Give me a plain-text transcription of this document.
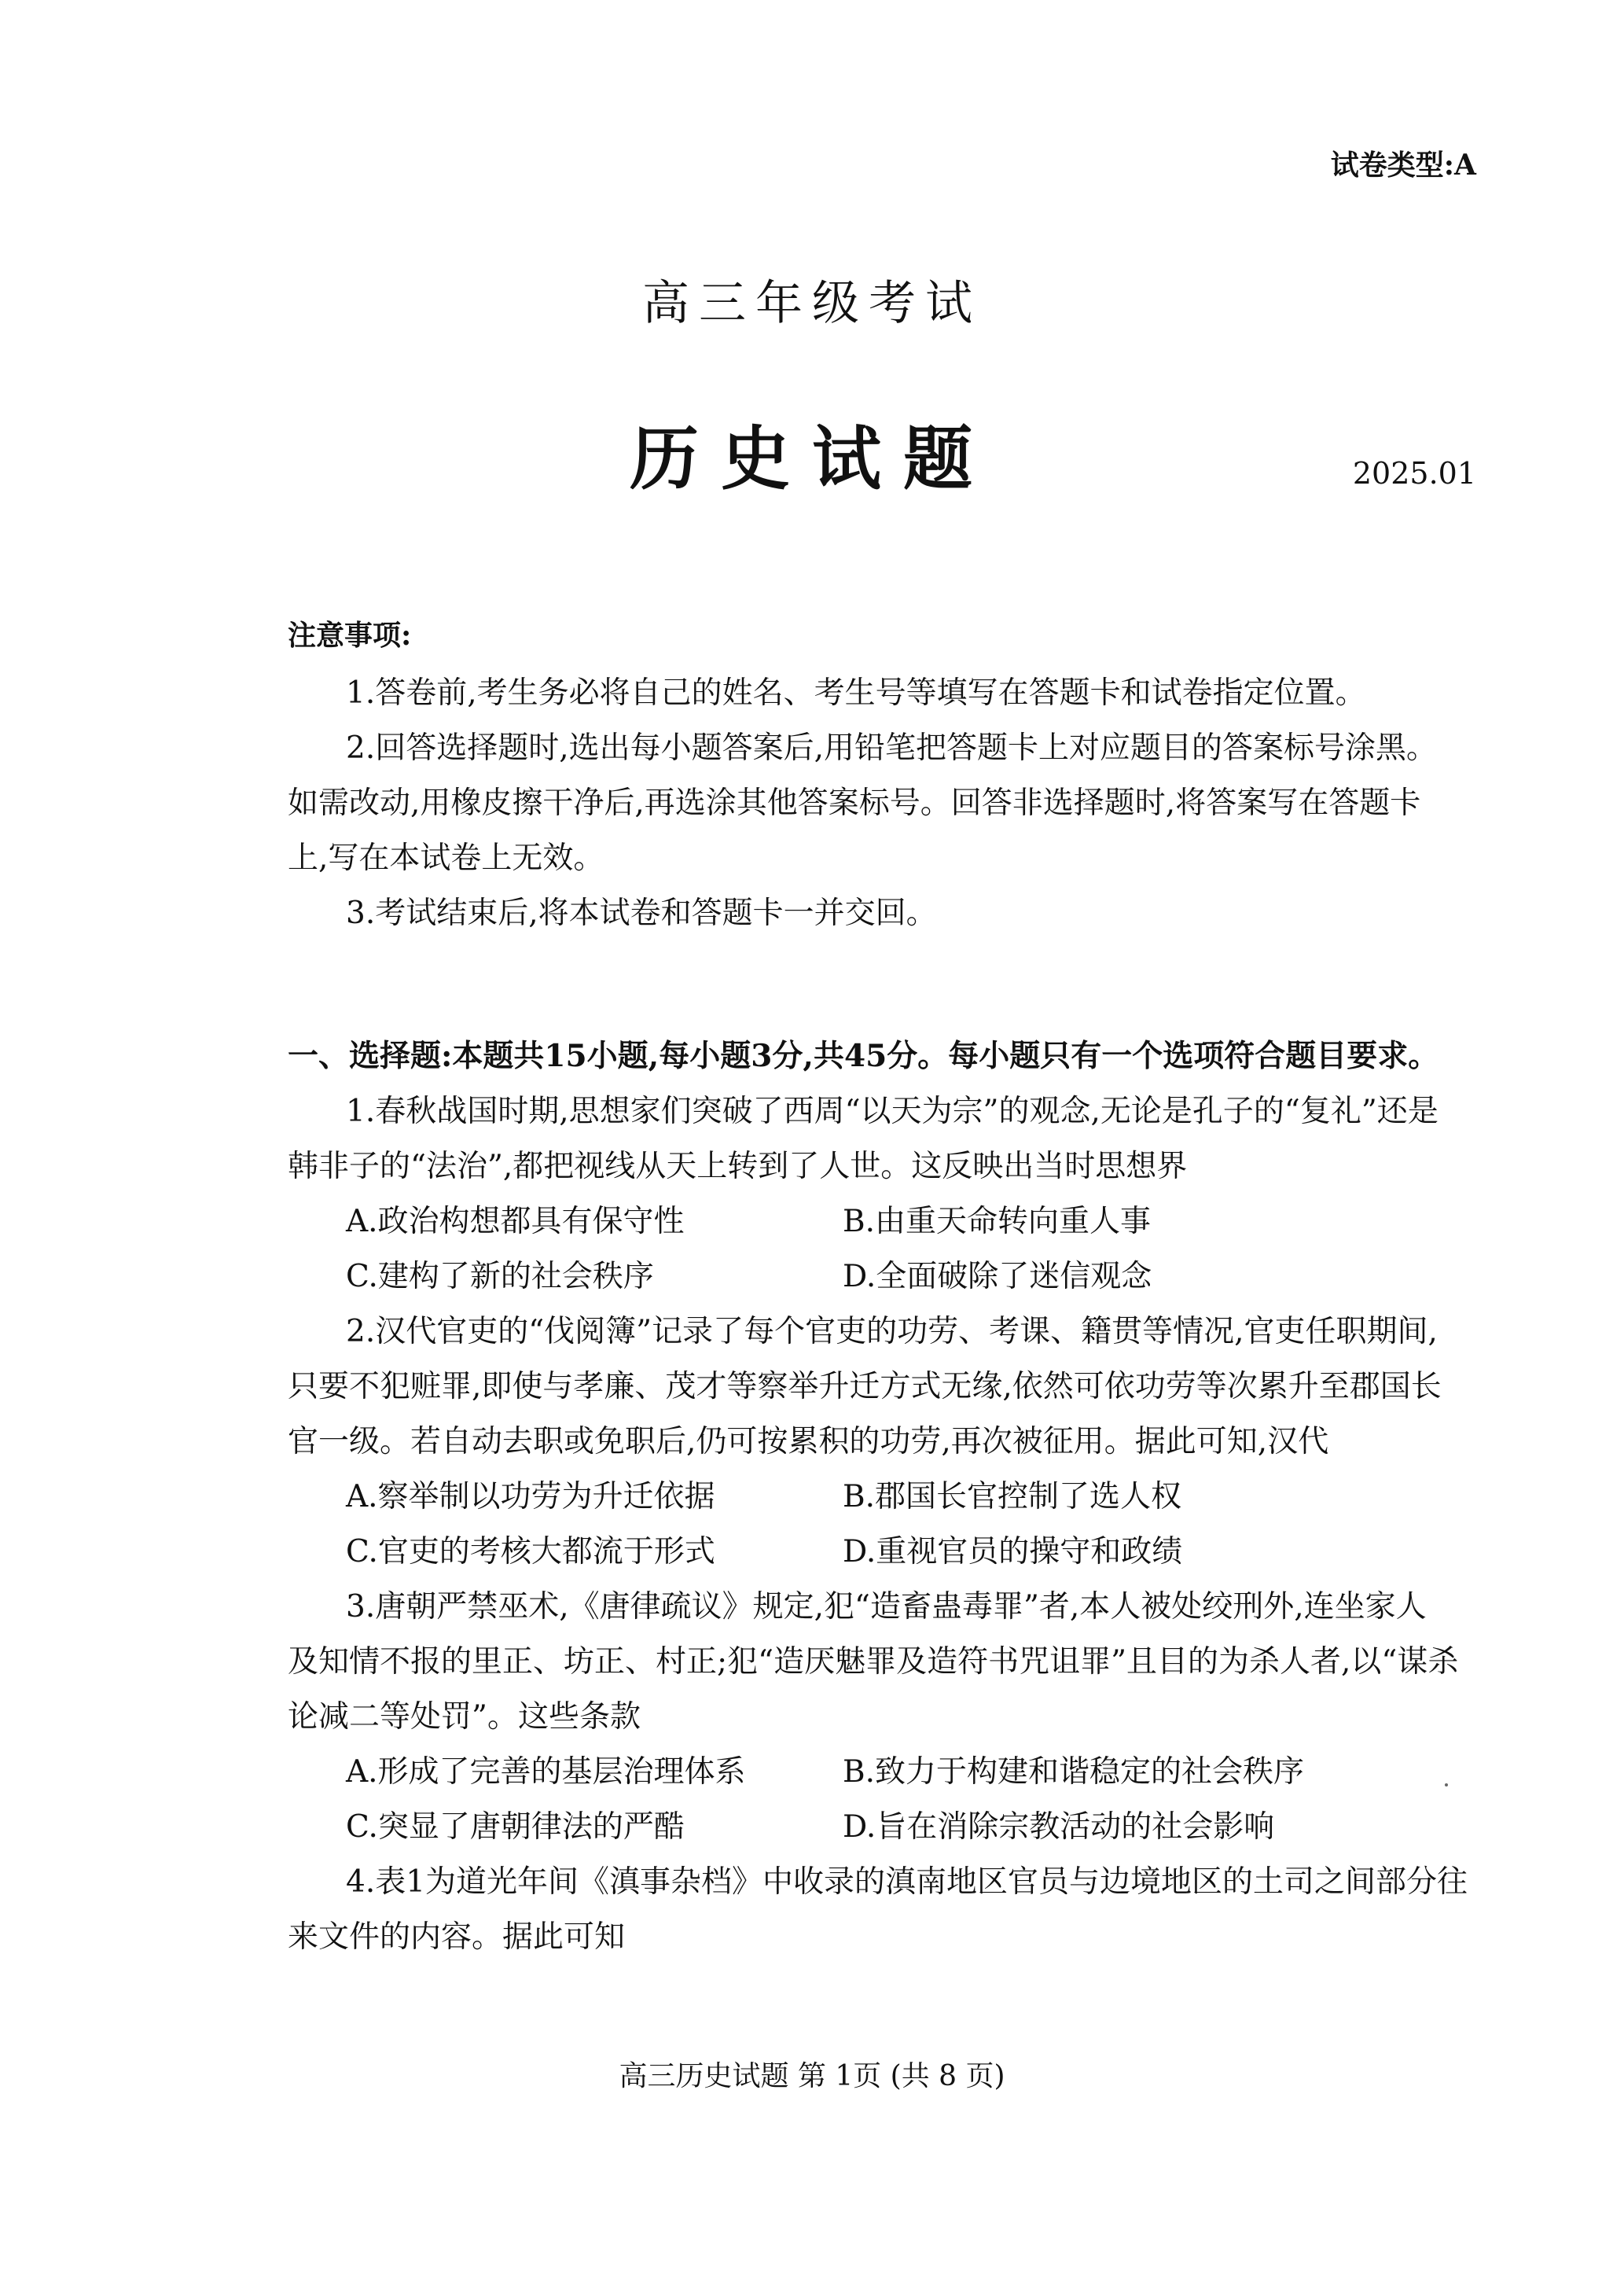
试卷类型:A
高三年级考试
历史试题	2025.01
注意事项:
1.答卷前,考生务必将自己的姓名、考生号等填写在答题卡和试卷指定位置。
2.回答选择题时,选出每小题答案后,用铅笔把答题卡上对应题目的答案标号涂黑。
如需改动,用橡皮擦干净后,再选涂其他答案标号。回答非选择题时,将答案写在答题卡
上,写在本试卷上无效。
3.考试结束后,将本试卷和答题卡一并交回。
一、选择题:本题共15小题,每小题3分,共45分。每小题只有一个选项符合题目要求。
1.春秋战国时期,思想家们突破了西周“以天为宗”的观念,无论是孔子的“复礼”还是
韩非子的“法治”,都把视线从天上转到了人世。这反映出当时思想界
A.政治构想都具有保守性	B.由重天命转向重人事
C.建构了新的社会秩序	D.全面破除了迷信观念
2.汉代官吏的“伐阅簿”记录了每个官吏的功劳、考课、籍贯等情况,官吏任职期间,
只要不犯赃罪,即使与孝廉、茂才等察举升迁方式无缘,依然可依功劳等次累升至郡国长
官一级。若自动去职或免职后,仍可按累积的功劳,再次被征用。据此可知,汉代
A.察举制以功劳为升迁依据	B.郡国长官控制了选人权
C.官吏的考核大都流于形式	D.重视官员的操守和政绩
3.唐朝严禁巫术,《唐律疏议》规定,犯“造畜蛊毒罪”者,本人被处绞刑外,连坐家人
及知情不报的里正、坊正、村正;犯“造厌魅罪及造符书咒诅罪”且目的为杀人者,以“谋杀
论减二等处罚”。这些条款
A.形成了完善的基层治理体系	B.致力于构建和谐稳定的社会秩序
C.突显了唐朝律法的严酷	D.旨在消除宗教活动的社会影响
4.表1为道光年间《滇事杂档》中收录的滇南地区官员与边境地区的土司之间部分往
来文件的内容。据此可知
高三历史试题 第 1页 (共 8 页)
